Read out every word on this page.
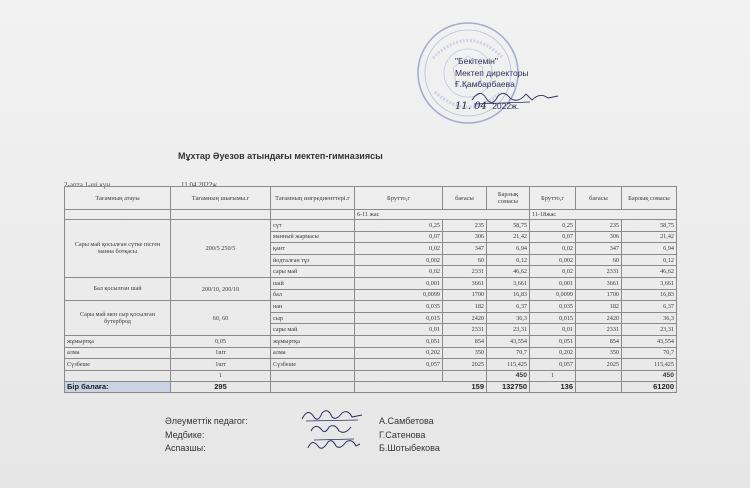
"Бекітемін"
Мектеп директоры
Ғ.Қамбарбаева
11. 04 2022ж.
Мұхтар Әуезов атындағы мектеп-гимназиясы
2-апта 1-ші күн	11.04.2022ж.
Тағамның атауы	Тағамның шығымы.г	Тағамның ингредиенттері.г	Брутто,г	бағасы	Барлық сомасы	Брутто,г	бағасы	Барлық сомасы
			6-11 жас			11-18жас		
Сары май қосылған сүтке пісген манна ботқасы	200/5 250/5	сүт	0,25	235	58,75	0,25	235	58,75
		манный жармасы	0,07	306	21,42	0,07	306	21,42
		қант	0,02	347	6,94	0,02	347	6,94
		йодталған тұз	0,002	60	0,12	0,002	60	0,12
		сары май	0,02	2331	46,62	0,02	2331	46,62
Бал қосылған шай	200/10, 200/10	шай	0,001	3661	3,661	0,001	3661	3,661
		бал	0,0099	1700	16,83	0,0099	1700	16,83
Сары май мен сыр қосылған бутерброд	60, 60	нан	0,035	182	6,37	0,035	182	6,37
		сыр	0,015	2420	36,3	0,015	2420	36,3
		сары май	0,01	2331	23,31	0,01	2331	23,31
жұмыртқа	0,05	жұмыртқа	0,051	854	43,554	0,051	854	43,554
алма	1шт	алма	0,202	350	70,7	0,202	350	70,7
Сүзбеше	1шт	Сүзбеше	0,057	2025	115,425	0,057	2025	115,425
	1				450	1		450
Бір балаға:	295		159		132750	136		61200
Әлеуметтік педагог:	А.Самбетова
Медбике:	Г.Сатенова
Аспазшы:	Б.Шотыбекова
